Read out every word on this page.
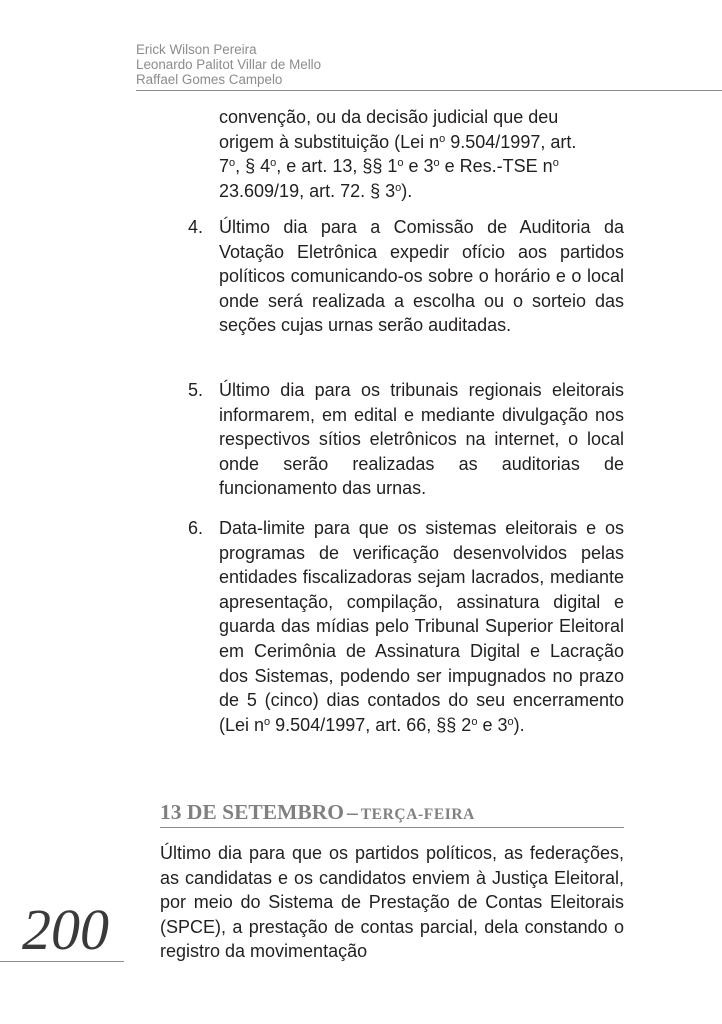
Erick Wilson Pereira
Leonardo Palitot Villar de Mello
Raffael Gomes Campelo

convenção, ou da decisão judicial que deu
origem à substituição (Lei $n^o$ 9.504/1997, art.
7$^o$, § 4$^o$, e art. 13, §§ 1$^o$ e 3$^o$ e Res.-TSE $n^o$
23.609/19, art. 72. § 3$^o$).

4. Último dia para a Comissão de Auditoria da Votação Eletrônica expedir ofício aos partidos políticos comunicando-os sobre o horário e o local onde será realizada a escolha ou o sorteio das seções cujas urnas serão auditadas.

5. Último dia para os tribunais regionais eleitorais informarem, em edital e mediante divulgação nos respectivos sítios eletrônicos na internet, o local onde serão realizadas as auditorias de funcionamento das urnas.

6. Data-limite para que os sistemas eleitorais e os programas de verificação desenvolvidos pelas entidades fiscalizadoras sejam lacrados, mediante apresentação, compilação, assinatura digital e guarda das mídias pelo Tribunal Superior Eleitoral em Cerimônia de Assinatura Digital e Lacração dos Sistemas, podendo ser impugnados no prazo de 5 (cinco) dias contados do seu encerramento (Lei $n^o$ 9.504/1997, art. 66, §§ 2$^o$ e 3$^o$).

13 DE SETEMBRO – TERÇA-FEIRA

Último dia para que os partidos políticos, as federações, as candidatas e os candidatos enviem à Justiça Eleitoral, por meio do Sistema de Prestação de Contas Eleitorais (SPCE), a prestação de contas parcial, dela constando o registro da movimentação

200
